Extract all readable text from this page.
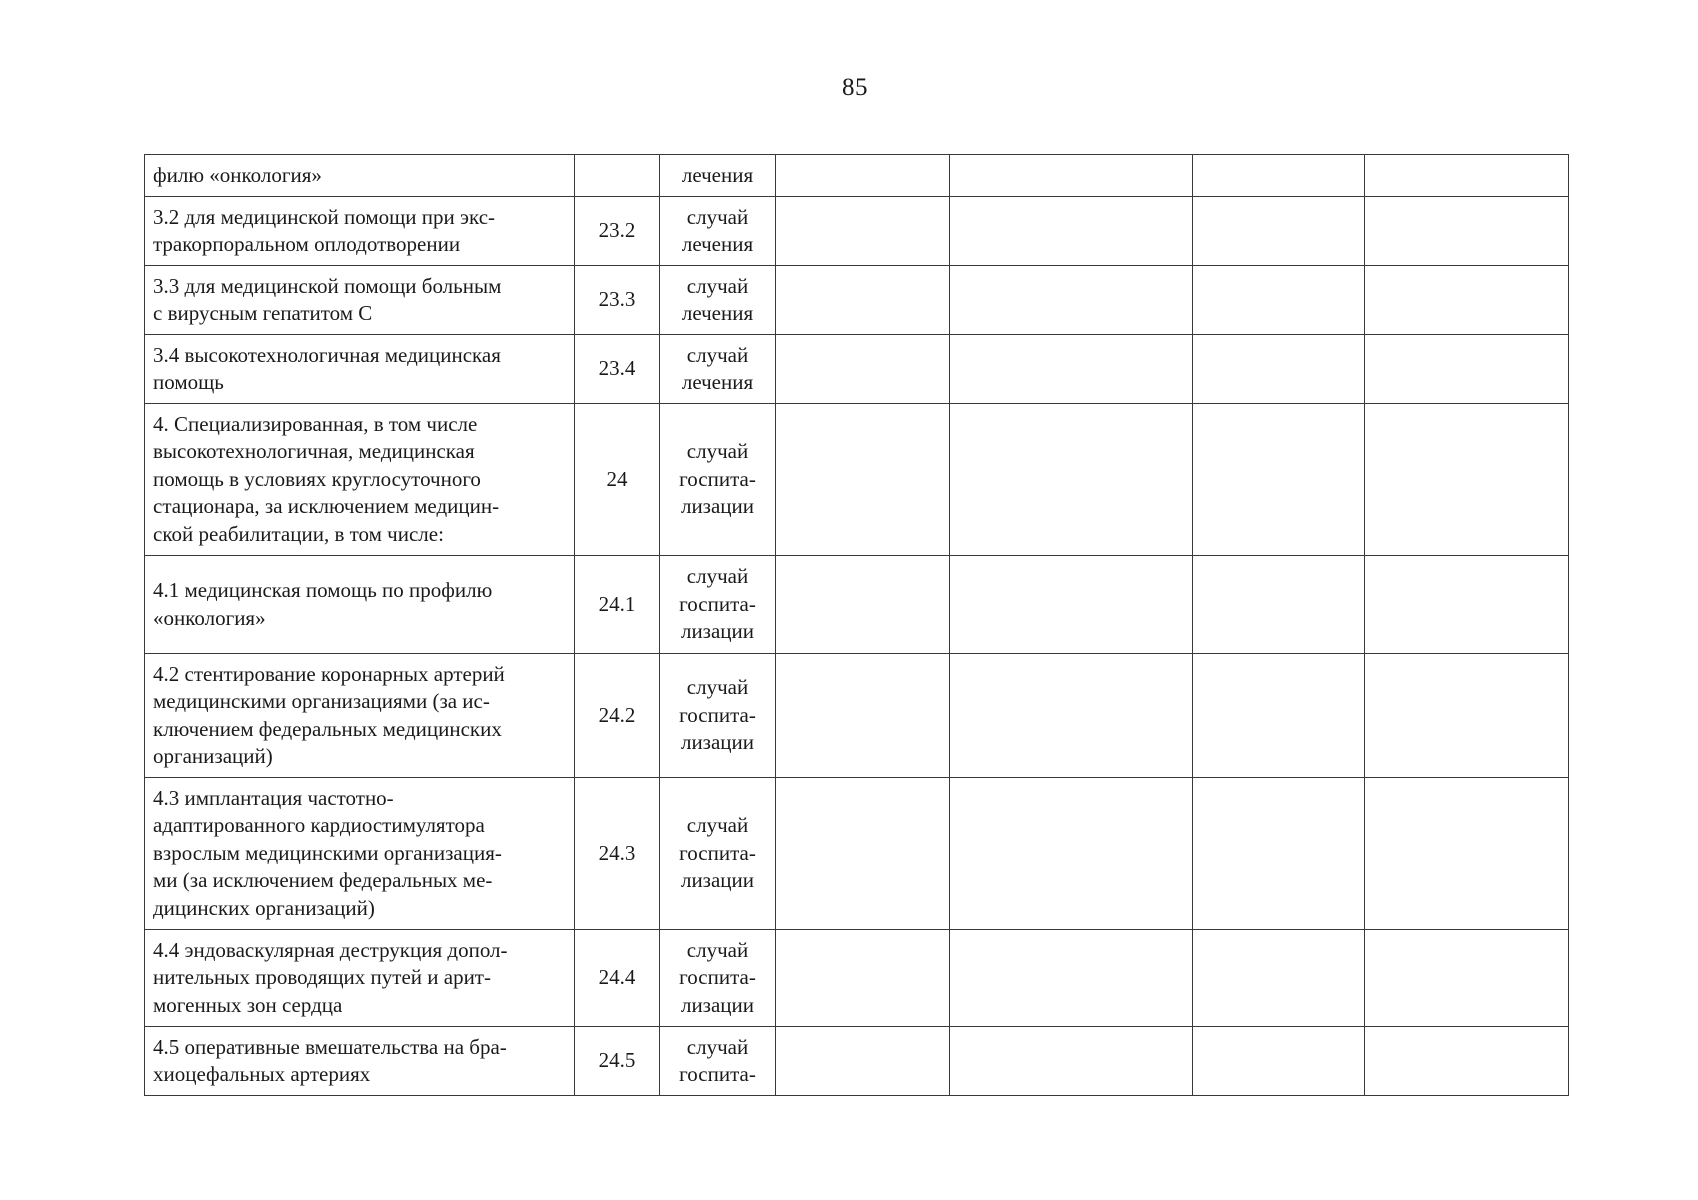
85
филю «онкология»		лечения				

3.2 для медицинской помощи при экс-
тракорпоральном оплодотворении	23.2	случай
лечения				

3.3 для медицинской помощи больным
с вирусным гепатитом С	23.3	случай
лечения				

3.4 высокотехнологичная медицинская
помощь	23.4	случай
лечения				

4. Специализированная, в том числе
высокотехнологичная, медицинская
помощь в условиях круглосуточного
стационара, за исключением медицин-
ской реабилитации, в том числе:	24	случай
госпита-
лизации				

4.1 медицинская помощь по профилю
«онкология»	24.1	случай
госпита-
лизации				

4.2 стентирование коронарных артерий
медицинскими организациями (за ис-
ключением федеральных медицинских
организаций)	24.2	случай
госпита-
лизации				

4.3 имплантация частотно-
адаптированного кардиостимулятора
взрослым медицинскими организация-
ми (за исключением федеральных ме-
дицинских организаций)	24.3	случай
госпита-
лизации				

4.4 эндоваскулярная деструкция допол-
нительных проводящих путей и арит-
могенных зон сердца	24.4	случай
госпита-
лизации				

4.5 оперативные вмешательства на бра-
хиоцефальных артериях	24.5	случай
госпита-				
